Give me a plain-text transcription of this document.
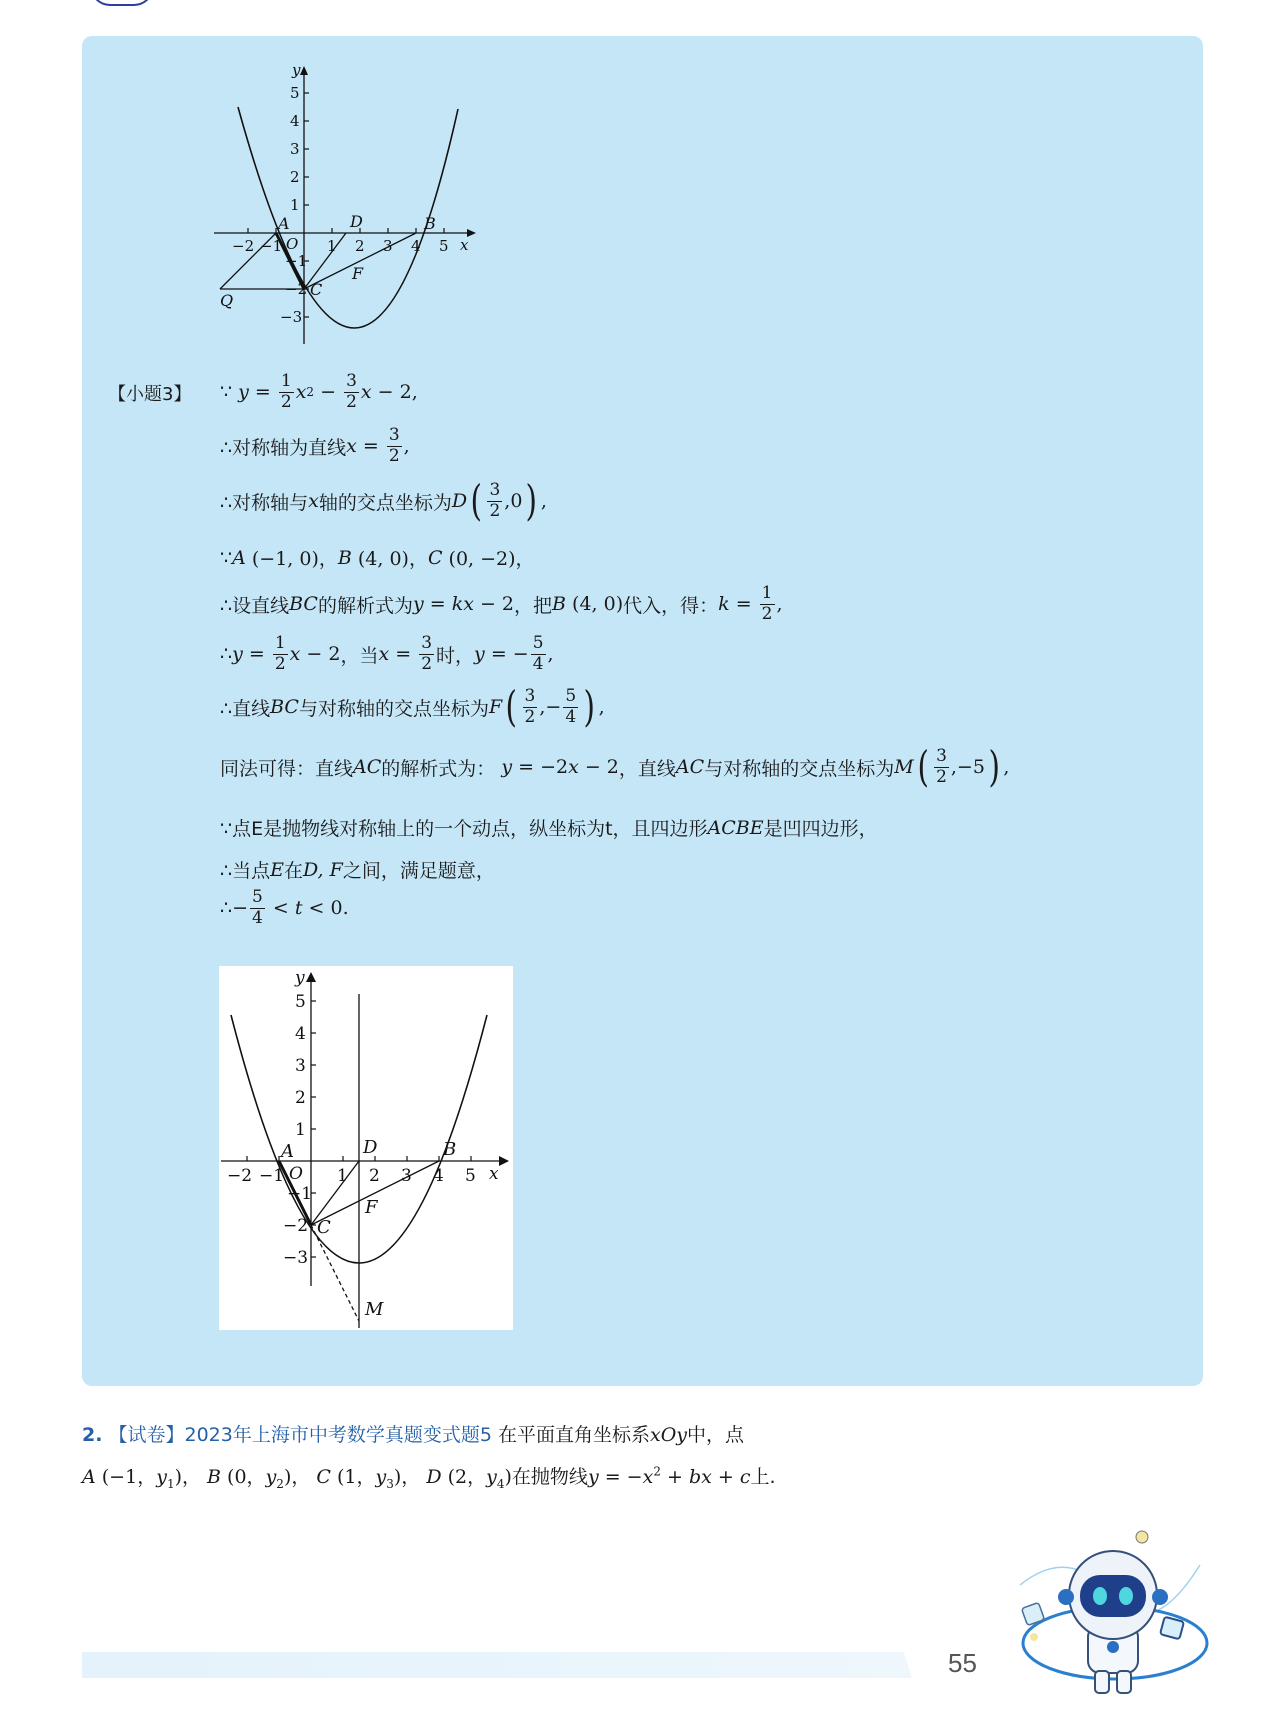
−2 −1 O 1 2 3 4 5 x
5
4
3
2
1
−1
−2
−3
y
A	D	B
C
F
Q
【小题3】 ∵ $y = \frac{1}{2}$ x $2 - \frac{3}{2}$ x − 2,
∴对称轴为直线 $x = \frac{3}{2}$ ,
∴对称轴与 x 轴的交点坐标为 D ( $\frac{3}{2} ,0$ ) ,
∵ A (−1, 0)， B (4, 0)， C (0, −2)，
∴设直线 BC 的解析式为 y = kx − 2 ，把 B (4, 0) 代入，得： $k = \frac{1}{2}$ ,
∴ $y = \frac{1}{2}$ x − 2 ，当 $x = \frac{3}{2}$ 时， y = − $\frac{5}{4}$ ,
∴直线 BC 与对称轴的交点坐标为 F ( $\frac{3}{2}$ ,− $\frac{5}{4}$ ) ,
同法可得：直线 AC 的解析式为： y = −2 x − 2 ，直线 AC 与对称轴的交点坐标为 M ( $\frac{3}{2} ,-5$ ) ,
∵点E是抛物线对称轴上的一个动点，纵坐标为t，且四边形 ACBE 是凹四边形，
∴当点 E 在 D, F 之间，满足题意，
∴ − $\frac{5}{4} < t < 0$.
−2 −1 O 1 2 3 4 5 x
5
4
3
2
1
−1
−2
−3
y
A	D	B
C
F
M
2. 【试卷】2023年上海市中考数学真题变式题5 在平面直角坐标系xOy中，点
A (−1，$y_1$)， B (0，$y_2$)， C (1，$y_3$)， D (2，$y_4$)在抛物线$y = -x^2$ + bx + c上.
55
